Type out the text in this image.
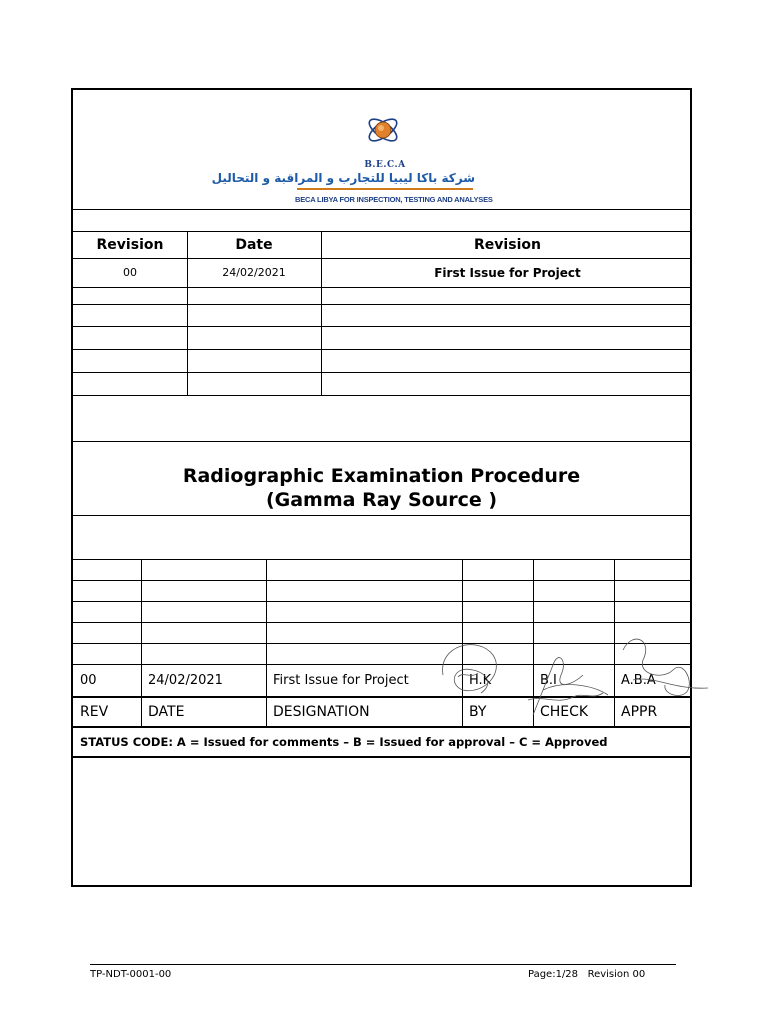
B.E.C.A
شركة باكا ليبيا للتجارب و المراقبة و التحاليل
BECA LIBYA FOR INSPECTION, TESTING AND ANALYSES
Revision	Date	Revision
00	24/02/2021	First Issue for Project
Radiographic Examination Procedure
(Gamma Ray Source )
00	24/02/2021	First Issue for Project	H.K	B.I	A.B.A
REV	DATE	DESIGNATION	BY	CHECK	APPR
STATUS CODE: A = Issued for comments – B = Issued for approval – C = Approved
TP-NDT-0001-00	Page:1/28   Revision 00
